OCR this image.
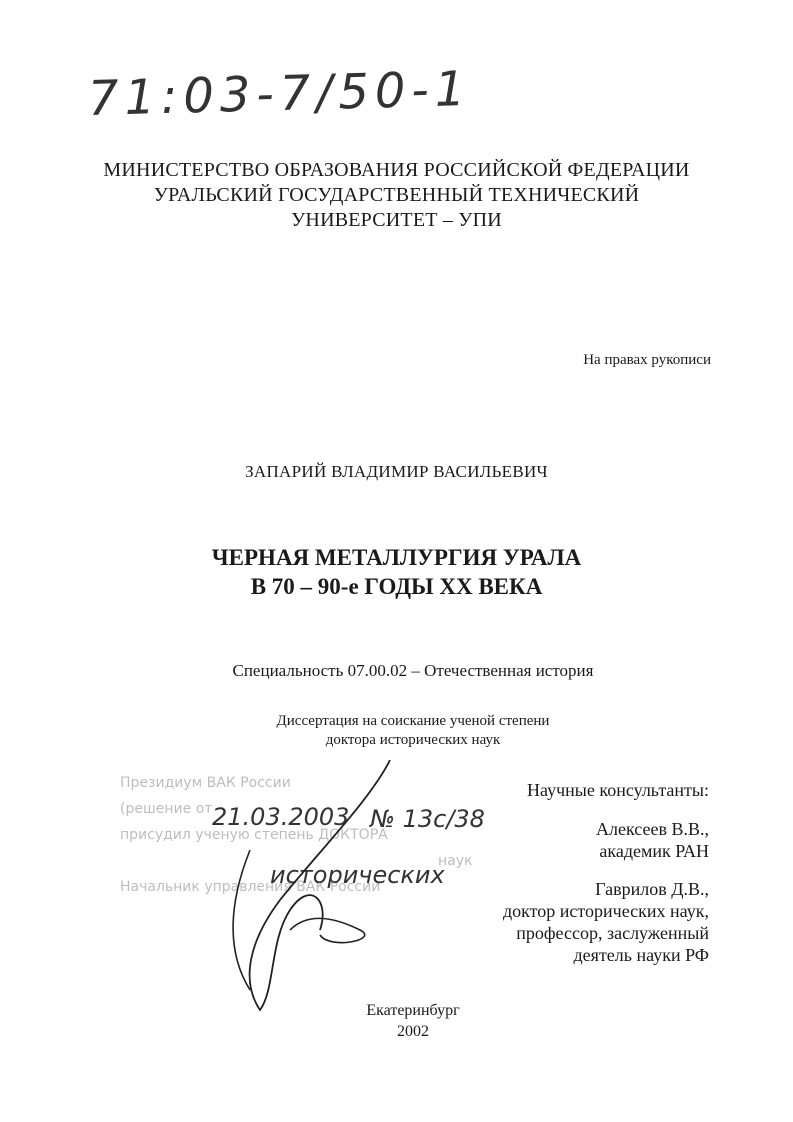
71:03-7/50-1
МИНИСТЕРСТВО ОБРАЗОВАНИЯ РОССИЙСКОЙ ФЕДЕРАЦИИ
УРАЛЬСКИЙ ГОСУДАРСТВЕННЫЙ ТЕХНИЧЕСКИЙ
УНИВЕРСИТЕТ – УПИ
На правах рукописи
ЗАПАРИЙ ВЛАДИМИР ВАСИЛЬЕВИЧ
ЧЕРНАЯ МЕТАЛЛУРГИЯ УРАЛА
В 70 – 90-е ГОДЫ XX ВЕКА
Специальность 07.00.02 – Отечественная история
Диссертация на соискание ученой степени
доктора исторических наук
Президиум ВАК России
(решение от
присудил ученую степень ДОКТОРА
наук
Начальник управления ВАК России
21.03.2003 № 13с/38
исторических
Научные консультанты:
Алексеев В.В.,
академик РАН
Гаврилов Д.В.,
доктор исторических наук,
профессор, заслуженный
деятель науки РФ
Екатеринбург
2002
